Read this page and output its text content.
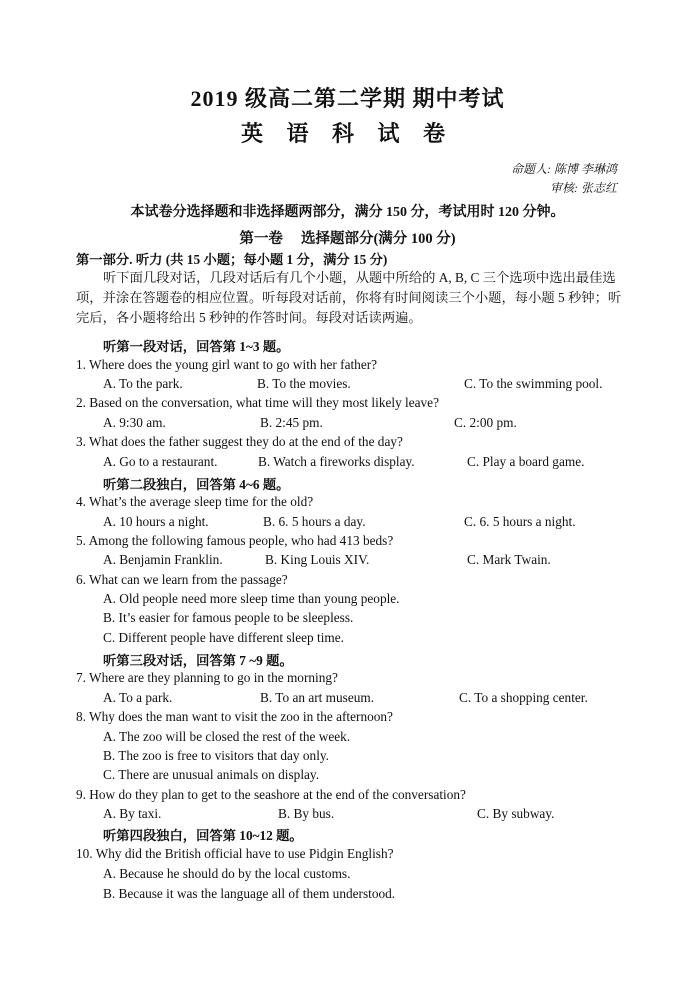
2019 级高二第二学期 期中考试
英 语 科 试 卷
命题人: 陈博 李琳鸿
审核: 张志红
本试卷分选择题和非选择题两部分，满分 150 分，考试用时 120 分钟。
第一卷　 选择题部分(满分 100 分)
第一部分. 听力 (共 15 小题；每小题 1 分，满分 15 分)
听下面几段对话，几段对话后有几个小题，从题中所给的 A, B, C 三个选项中选出最佳选项，并涂在答题卷的相应位置。听每段对话前，你将有时间阅读三个小题，每小题 5 秒钟；听完后，各小题将给出 5 秒钟的作答时间。每段对话读两遍。
听第一段对话，回答第 1~3 题。
1. Where does the young girl want to go with her father?
A. To the park.	B. To the movies.	C. To the swimming pool.
2. Based on the conversation, what time will they most likely leave?
A. 9:30 am.	B. 2:45 pm.	C. 2:00 pm.
3. What does the father suggest they do at the end of the day?
A. Go to a restaurant.	B. Watch a fireworks display.	C. Play a board game.
听第二段独白，回答第 4~6 题。
4. What’s the average sleep time for the old?
A. 10 hours a night.	B. 6. 5 hours a day.	C. 6. 5 hours a night.
5. Among the following famous people, who had 413 beds?
A. Benjamin Franklin.	B. King Louis XIV.	C. Mark Twain.
6. What can we learn from the passage?
A. Old people need more sleep time than young people.
B. It’s easier for famous people to be sleepless.
C. Different people have different sleep time.
听第三段对话，回答第 7 ~9 题。
7. Where are they planning to go in the morning?
A. To a park.	B. To an art museum.	C. To a shopping center.
8. Why does the man want to visit the zoo in the afternoon?
A. The zoo will be closed the rest of the week.
B. The zoo is free to visitors that day only.
C. There are unusual animals on display.
9. How do they plan to get to the seashore at the end of the conversation?
A. By taxi.	B. By bus.	C. By subway.
听第四段独白，回答第 10~12 题。
10. Why did the British official have to use Pidgin English?
A. Because he should do by the local customs.
B. Because it was the language all of them understood.
